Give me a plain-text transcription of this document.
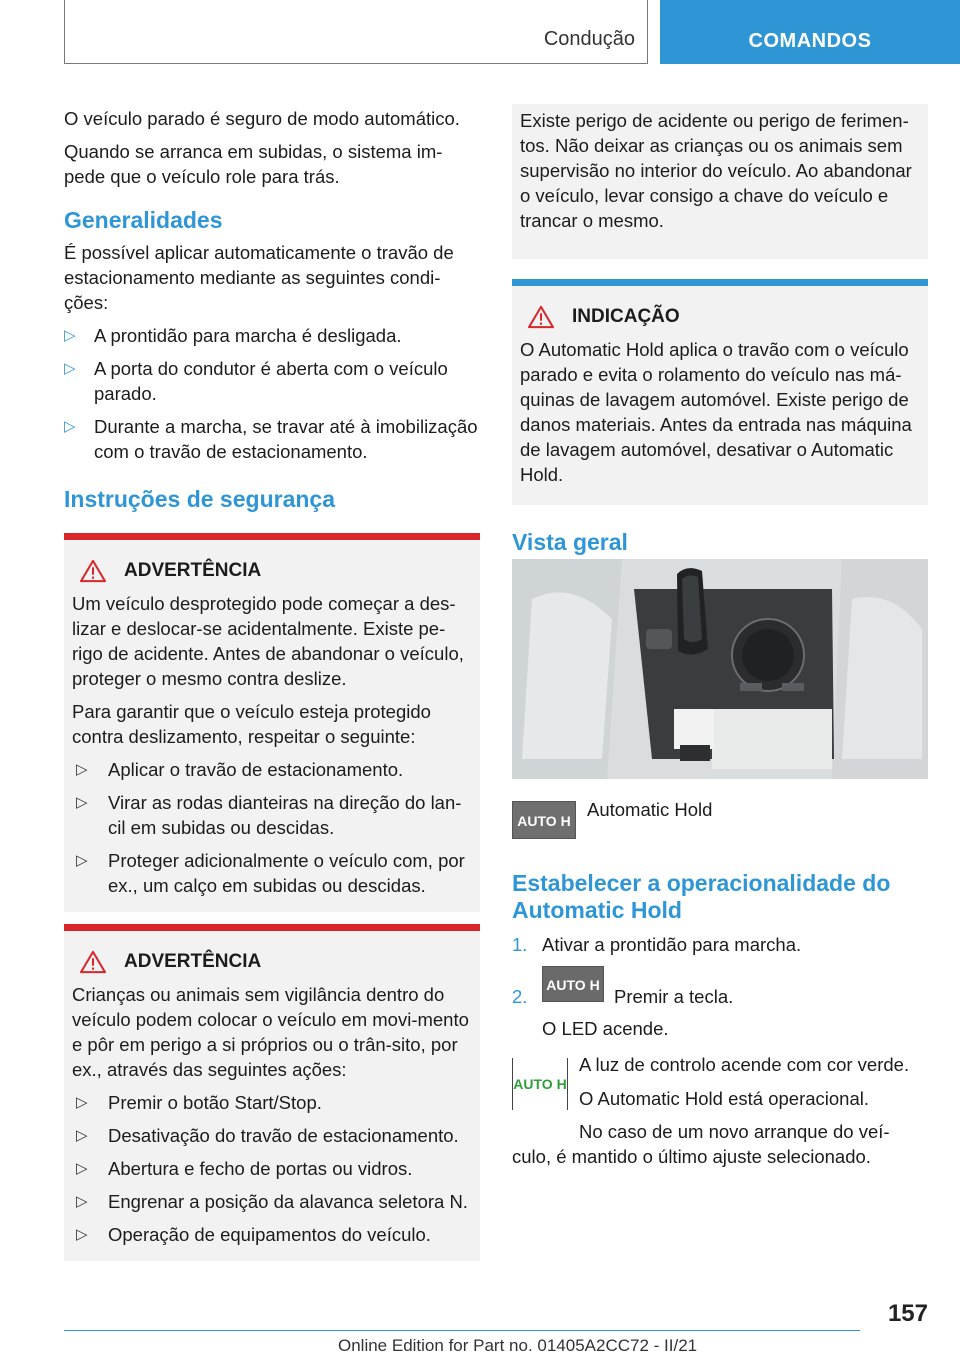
Condução	COMANDOS

O veículo parado é seguro de modo automático.

Quando se arranca em subidas, o sistema im-pede que o veículo role para trás.

Generalidades

É possível aplicar automaticamente o travão de estacionamento mediante as seguintes condi-ções:

▷ A prontidão para marcha é desligada.
▷ A porta do condutor é aberta com o veículo parado.
▷ Durante a marcha, se travar até à imobilização com o travão de estacionamento.
Instruções de segurança
ADVERTÊNCIA

Um veículo desprotegido pode começar a des-lizar e deslocar-se acidentalmente. Existe pe-rigo de acidente. Antes de abandonar o veículo, proteger o mesmo contra deslize.

Para garantir que o veículo esteja protegido contra deslizamento, respeitar o seguinte:

▷ Aplicar o travão de estacionamento.
▷ Virar as rodas dianteiras na direção do lan-cil em subidas ou descidas.
▷ Proteger adicionalmente o veículo com, por ex., um calço em subidas ou descidas.
ADVERTÊNCIA

Crianças ou animais sem vigilância dentro do veículo podem colocar o veículo em movi-mento e pôr em perigo a si próprios ou o trân-sito, por ex., através das seguintes ações:

▷ Premir o botão Start/Stop.
▷ Desativação do travão de estacionamento.
▷ Abertura e fecho de portas ou vidros.
▷ Engrenar a posição da alavanca seletora N.
▷ Operação de equipamentos do veículo.

Existe perigo de acidente ou perigo de ferimen-tos. Não deixar as crianças ou os animais sem supervisão no interior do veículo. Ao abandonar o veículo, levar consigo a chave do veículo e trancar o mesmo.

INDICAÇÃO

O Automatic Hold aplica o travão com o veículo parado e evita o rolamento do veículo nas má-quinas de lavagem automóvel. Existe perigo de danos materiais. Antes da entrada nas máquina de lavagem automóvel, desativar o Automatic Hold.

Vista geral
AUTO H
Automatic Hold
Estabelecer a operacionalidade do Automatic Hold
1. Ativar a prontidão para marcha.
2.
AUTO H
Premir a tecla.
O LED acende.
AUTO H
A luz de controlo acende com cor verde.
O Automatic Hold está operacional.
No caso de um novo arranque do veí-culo, é mantido o último ajuste selecionado.
157
Online Edition for Part no. 01405A2CC72 - II/21
